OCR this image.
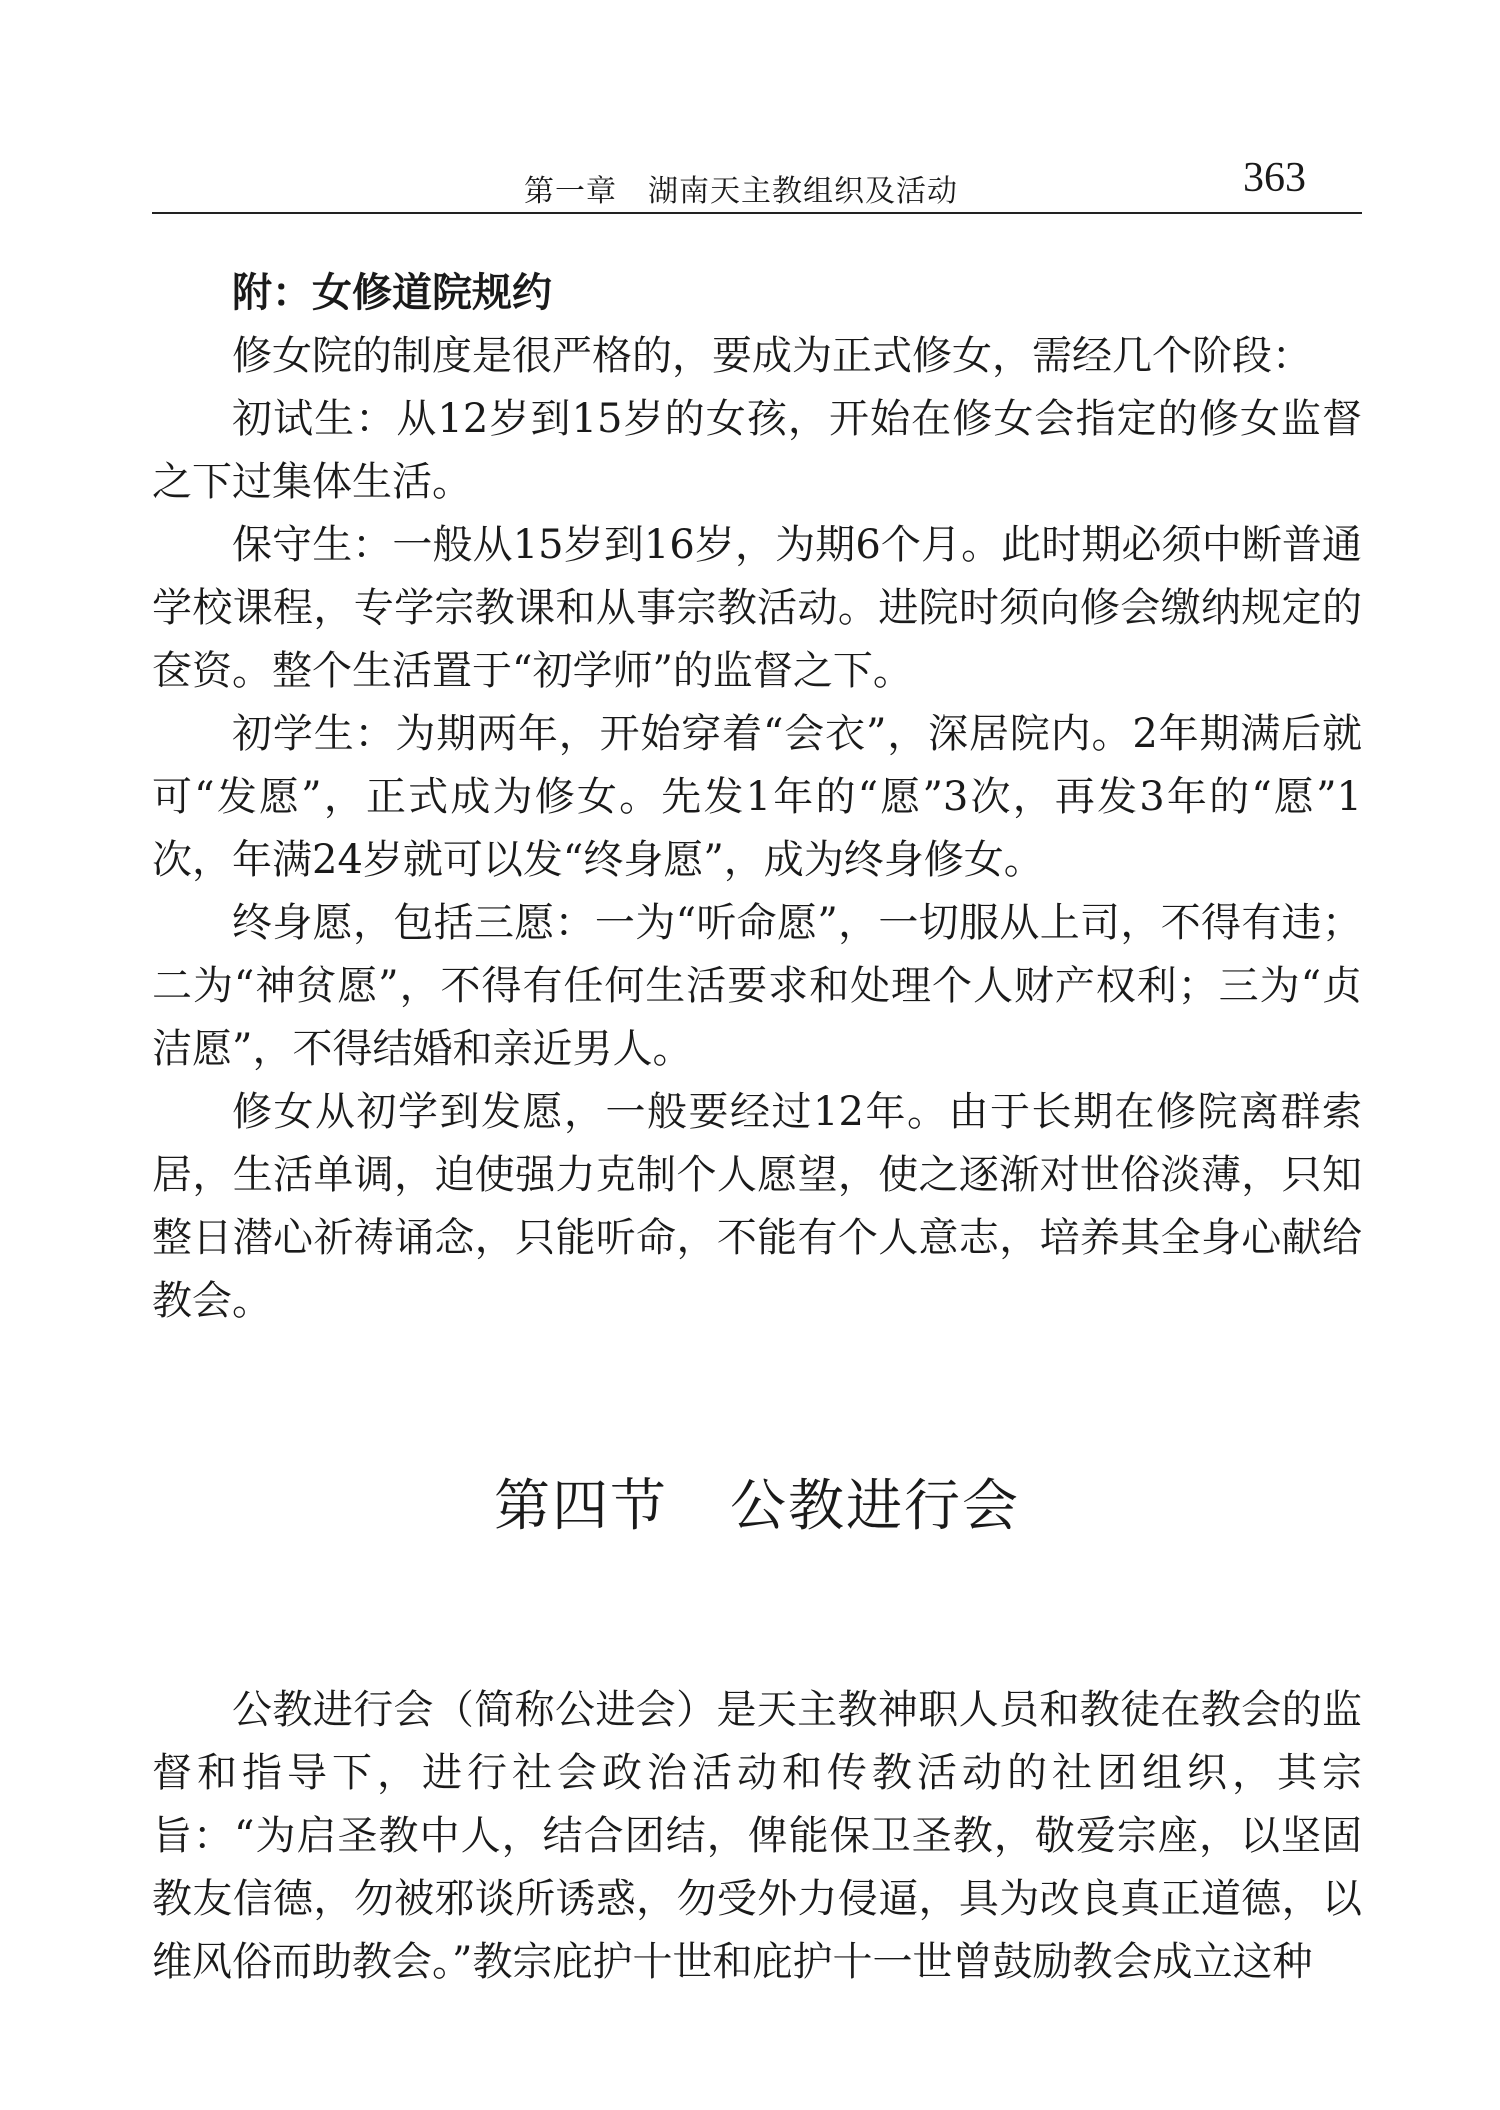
第一章　湖南天主教组织及活动	363

附：女修道院规约

修女院的制度是很严格的，要成为正式修女，需经几个阶段：

初试生：从12岁到15岁的女孩，开始在修女会指定的修女监督之下过集体生活。

保守生：一般从15岁到16岁，为期6个月。此时期必须中断普通学校课程，专学宗教课和从事宗教活动。进院时须向修会缴纳规定的奁资。整个生活置于“初学师”的监督之下。

初学生：为期两年，开始穿着“会衣”，深居院内。2年期满后就可“发愿”，正式成为修女。先发1年的“愿”3次，再发3年的“愿”1次，年满24岁就可以发“终身愿”，成为终身修女。

终身愿，包括三愿：一为“听命愿”，一切服从上司，不得有违；二为“神贫愿”，不得有任何生活要求和处理个人财产权利；三为“贞洁愿”，不得结婚和亲近男人。

修女从初学到发愿，一般要经过12年。由于长期在修院离群索居，生活单调，迫使强力克制个人愿望，使之逐渐对世俗淡薄，只知整日潜心祈祷诵念，只能听命，不能有个人意志，培养其全身心献给教会。

第四节 公教进行会

公教进行会（简称公进会）是天主教神职人员和教徒在教会的监督和指导下，进行社会政治活动和传教活动的社团组织，其宗旨：“为启圣教中人，结合团结，俾能保卫圣教，敬爱宗座，以坚固教友信德，勿被邪谈所诱惑，勿受外力侵逼，具为改良真正道德，以维风俗而助教会。”教宗庇护十世和庇护十一世曾鼓励教会成立这种
